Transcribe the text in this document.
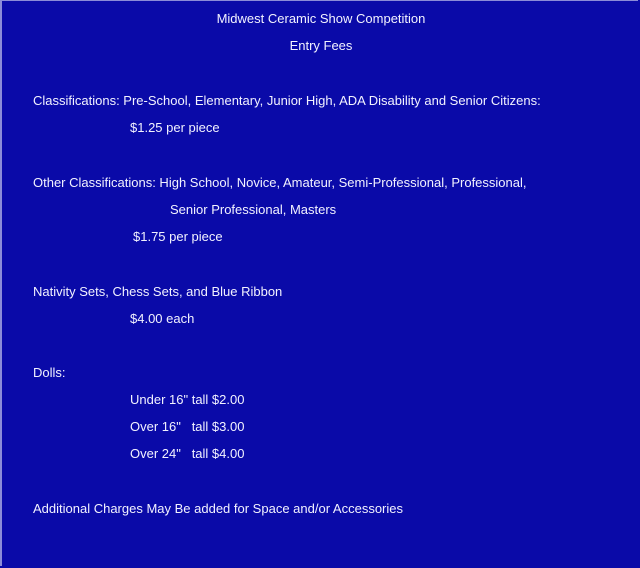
Midwest Ceramic Show Competition
Entry Fees
Classifications: Pre-School, Elementary, Junior High, ADA Disability and Senior Citizens:
$1.25 per piece
Other Classifications: High School, Novice, Amateur, Semi-Professional, Professional,
Senior Professional, Masters
$1.75 per piece
Nativity Sets, Chess Sets, and Blue Ribbon
$4.00 each
Dolls:
Under 16" tall $2.00
Over 16"   tall $3.00
Over 24"   tall $4.00
Additional Charges May Be added for Space and/or Accessories
